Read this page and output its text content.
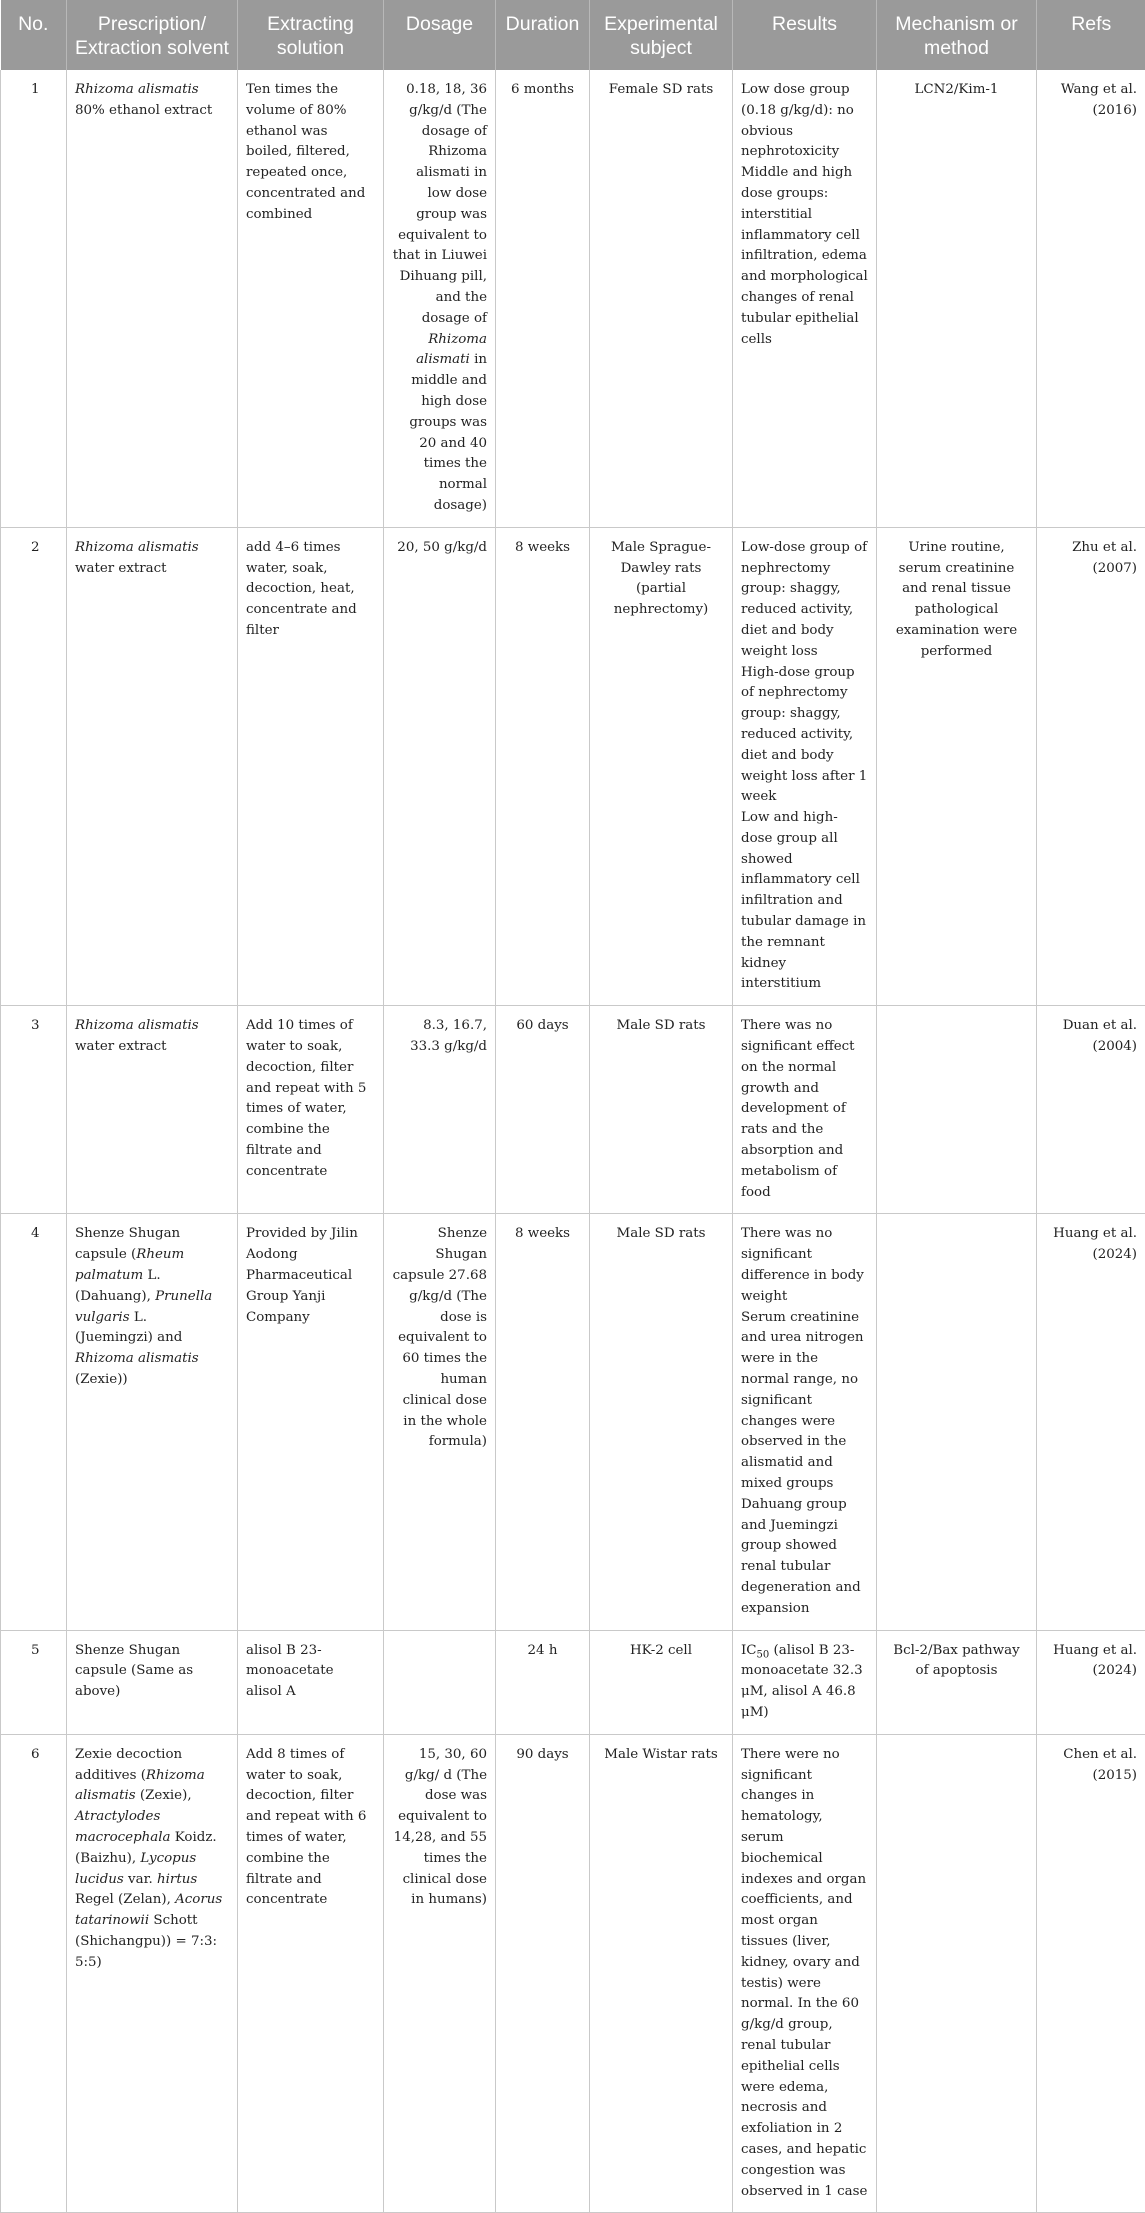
No.	Prescription/ Extraction solvent	Extracting solution	Dosage	Duration	Experimental subject	Results	Mechanism or method	Refs
1	Rhizoma alismatis 80% ethanol extract	Ten times the volume of 80% ethanol was boiled, filtered, repeated once, concentrated and combined	0.18, 18, 36 g/kg/d (The dosage of Rhizoma alismati in low dose group was equivalent to that in Liuwei Dihuang pill, and the dosage of Rhizoma alismati in middle and high dose groups was 20 and 40 times the normal dosage)	6 months	Female SD rats	Low dose group (0.18 g/kg/d): no obvious nephrotoxicity
Middle and high dose groups: interstitial inflammatory cell infiltration, edema and morphological changes of renal tubular epithelial cells	LCN2/Kim-1	Wang et al. (2016)
2	Rhizoma alismatis water extract	add 4–6 times water, soak, decoction, heat, concentrate and filter	20, 50 g/kg/d	8 weeks	Male Sprague-Dawley rats (partial nephrectomy)	Low-dose group of nephrectomy group: shaggy, reduced activity, diet and body weight loss
High-dose group of nephrectomy group: shaggy, reduced activity, diet and body weight loss after 1 week
Low and high-dose group all showed inflammatory cell infiltration and tubular damage in the remnant kidney interstitium	Urine routine, serum creatinine and renal tissue pathological examination were performed	Zhu et al. (2007)
3	Rhizoma alismatis water extract	Add 10 times of water to soak, decoction, filter and repeat with 5 times of water, combine the filtrate and concentrate	8.3, 16.7, 33.3 g/kg/d	60 days	Male SD rats	There was no significant effect on the normal growth and development of rats and the absorption and metabolism of food		Duan et al. (2004)
4	Shenze Shugan capsule (Rheum palmatum L. (Dahuang), Prunella vulgaris L. (Juemingzi) and Rhizoma alismatis (Zexie))	Provided by Jilin Aodong Pharmaceutical Group Yanji Company	Shenze Shugan capsule 27.68 g/kg/d (The dose is equivalent to 60 times the human clinical dose in the whole formula)	8 weeks	Male SD rats	There was no significant difference in body weight
Serum creatinine and urea nitrogen were in the normal range, no significant changes were observed in the alismatid and mixed groups
Dahuang group and Juemingzi group showed renal tubular degeneration and expansion		Huang et al. (2024)
5	Shenze Shugan capsule (Same as above)	alisol B 23-monoacetate
alisol A		24 h	HK-2 cell	$IC_{50}$ (alisol B 23-monoacetate 32.3 μM, alisol A 46.8 μM)	Bcl-2/Bax pathway of apoptosis	Huang et al. (2024)
6	Zexie decoction additives (Rhizoma alismatis (Zexie), Atractylodes macrocephala Koidz. (Baizhu), Lycopus lucidus var. hirtus Regel (Zelan), Acorus tatarinowii Schott (Shichangpu)) = 7:3: 5:5)	Add 8 times of water to soak, decoction, filter and repeat with 6 times of water, combine the filtrate and concentrate	15, 30, 60 g/kg/ d (The dose was equivalent to 14,28, and 55 times the clinical dose in humans)	90 days	Male Wistar rats	There were no significant changes in hematology, serum biochemical indexes and organ coefficients, and most organ tissues (liver, kidney, ovary and testis) were normal. In the 60 g/kg/d group, renal tubular epithelial cells were edema, necrosis and exfoliation in 2 cases, and hepatic congestion was observed in 1 case		Chen et al. (2015)
